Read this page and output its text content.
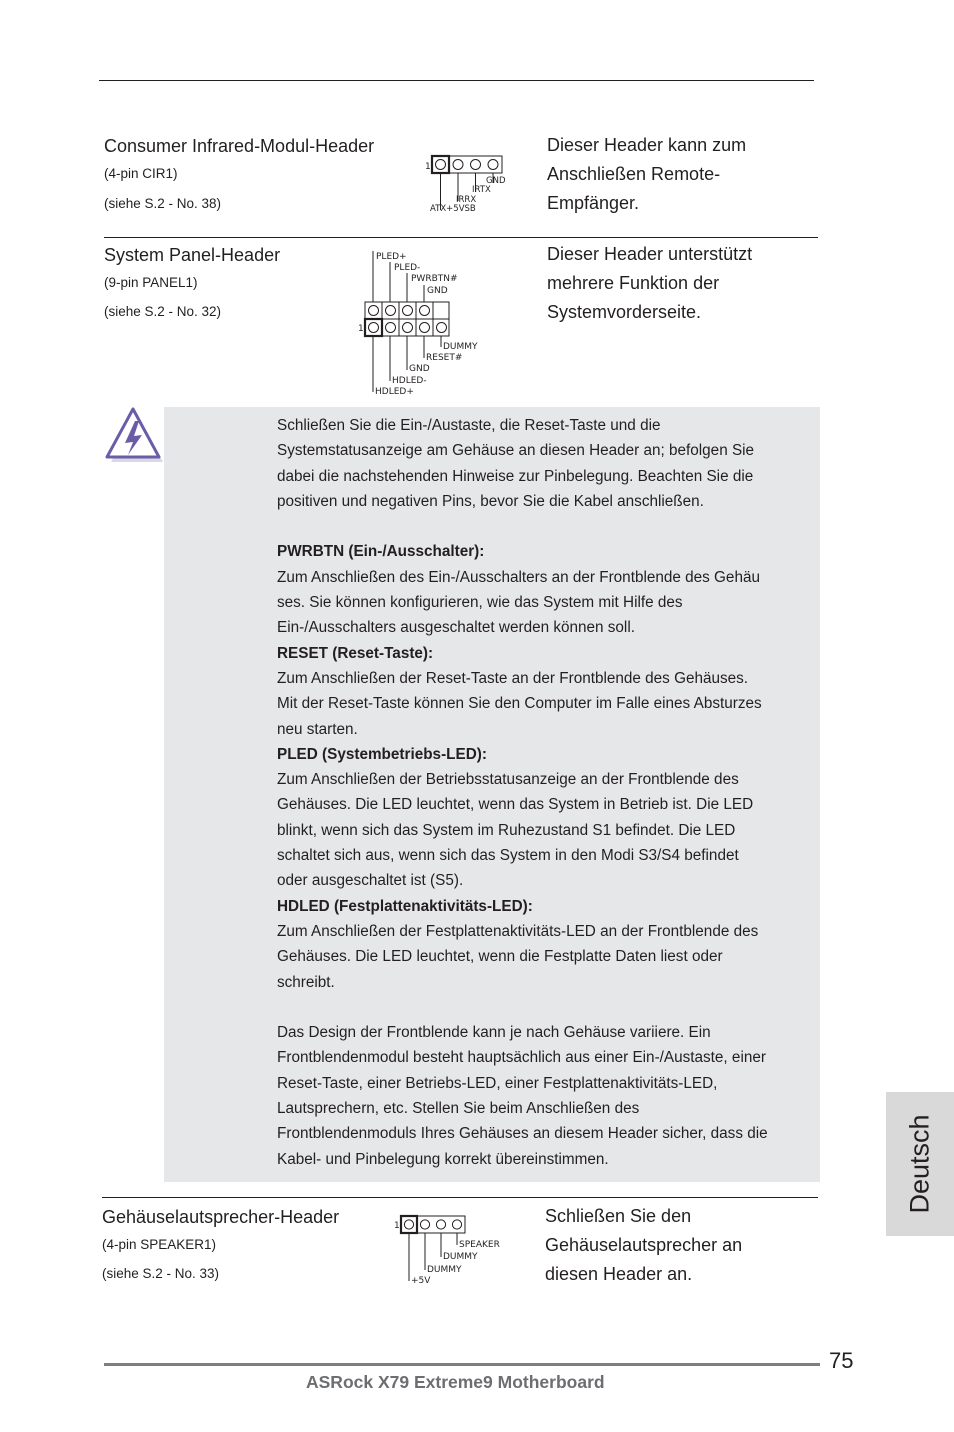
Consumer Infrared-Modul-Header
(4-pin CIR1)
(siehe S.2 - No. 38)
1
GND
IRTX
IRRX
ATX+5VSB
Dieser Header kann zum
Anschließen Remote-
Empfänger.
System Panel-Header
(9-pin PANEL1)
(siehe S.2 - No. 32)
PLED+
PLED-
PWRBTN#
GND
1
DUMMY
RESET#
GND
HDLED-
HDLED+
Dieser Header unterstützt
mehrere Funktion der
Systemvorderseite.
Schließen Sie die Ein-/Austaste, die Reset-Taste und die
Systemstatusanzeige am Gehäuse an diesen Header an; befolgen Sie
dabei die nachstehenden Hinweise zur Pinbelegung. Beachten Sie die
positiven und negativen Pins, bevor Sie die Kabel anschließen.
PWRBTN (Ein-/Ausschalter):
Zum Anschließen des Ein-/Ausschalters an der Frontblende des Gehäu
ses. Sie können konfigurieren, wie das System mit Hilfe des
Ein-/Ausschalters ausgeschaltet werden können soll.
RESET (Reset-Taste):
Zum Anschließen der Reset-Taste an der Frontblende des Gehäuses.
Mit der Reset-Taste können Sie den Computer im Falle eines Absturzes
neu starten.
PLED (Systembetriebs-LED):
Zum Anschließen der Betriebsstatusanzeige an der Frontblende des
Gehäuses. Die LED leuchtet, wenn das System in Betrieb ist. Die LED
blinkt, wenn sich das System im Ruhezustand S1 befindet. Die LED
schaltet sich aus, wenn sich das System in den Modi S3/S4 befindet
oder ausgeschaltet ist (S5).
HDLED (Festplattenaktivitäts-LED):
Zum Anschließen der Festplattenaktivitäts-LED an der Frontblende des
Gehäuses. Die LED leuchtet, wenn die Festplatte Daten liest oder
schreibt.
Das Design der Frontblende kann je nach Gehäuse variiere. Ein
Frontblendenmodul besteht hauptsächlich aus einer Ein-/Austaste, einer
Reset-Taste, einer Betriebs-LED, einer Festplattenaktivitäts-LED,
Lautsprechern, etc. Stellen Sie beim Anschließen des
Frontblendenmoduls Ihres Gehäuses an diesem Header sicher, dass die
Kabel- und Pinbelegung korrekt übereinstimmen.
Gehäuselautsprecher-Header
(4-pin SPEAKER1)
(siehe S.2 - No. 33)
1
SPEAKER
DUMMY
DUMMY
+5V
Schließen Sie den
Gehäuselautsprecher an
diesen Header an.
Deutsch
75
ASRock X79 Extreme9 Motherboard
